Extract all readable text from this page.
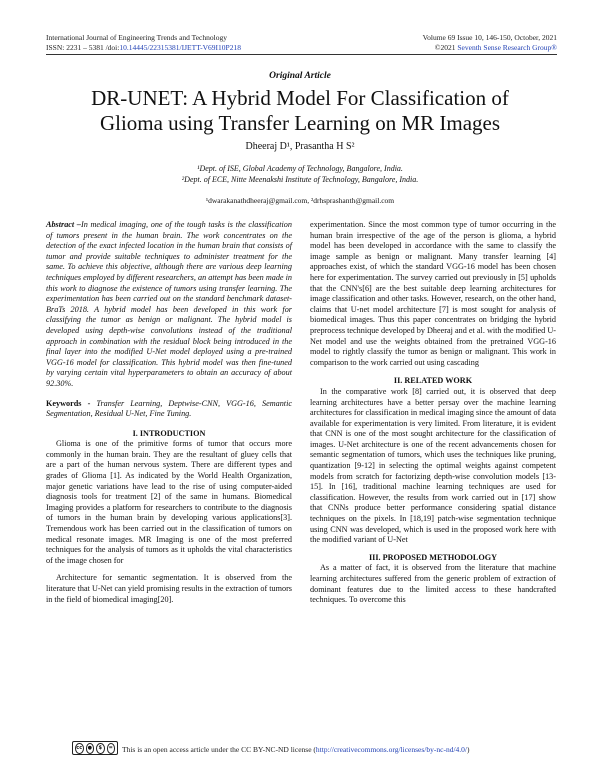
International Journal of Engineering Trends and Technology
ISSN: 2231 – 5381 /doi:10.14445/22315381/IJETT-V69I10P218
Volume 69 Issue 10, 146-150, October, 2021
©2021 Seventh Sense Research Group®
Original Article
DR-UNET: A Hybrid Model For Classification of Glioma using Transfer Learning on MR Images
Dheeraj D¹, Prasantha H S²
¹Dept. of ISE, Global Academy of Technology, Bangalore, India.
²Dept. of ECE, Nitte Meenakshi Institute of Technology, Bangalore, India.
¹dwarakanathdheeraj@gmail.com, ²drhsprashanth@gmail.com

Abstract –In medical imaging, one of the tough tasks is the classification of tumors present in the human brain. The work concentrates on the detection of the exact infected location in the human brain that consists of tumor and provide suitable techniques to administer treatment for the same. To achieve this objective, although there are various deep learning techniques employed by different researchers, an attempt has been made in this work to diagnose the existence of tumors using transfer learning. The experimentation has been carried out on the standard benchmark dataset-BraTs 2018. A hybrid model has been developed in this work for classifying the tumor as benign or malignant. The hybrid model is developed using depth-wise convolutions instead of the traditional approach in combination with the residual block being introduced in the final layer into the modified U-Net model deployed using a pre-trained VGG-16 model for classification. This hybrid model was then fine-tuned by varying certain vital hyperparameters to obtain an accuracy of about 92.30%.

Keywords - Transfer Learning, Deptwise-CNN, VGG-16, Semantic Segmentation, Residual U-Net, Fine Tuning.

I. INTRODUCTION

Glioma is one of the primitive forms of tumor that occurs more commonly in the human brain. They are the resultant of gluey cells that are a part of the human nervous system. There are different types and grades of Glioma [1]. As indicated by the World Health Organization, major genetic variations have lead to the rise of using computer-aided diagnosis tools for treatment [2] of the same in humans. Biomedical Imaging provides a platform for researchers to contribute to the diagnosis of tumors in the human brain by developing various applications[3]. Tremendous work has been carried out in the classification of tumors on medical resonate images. MR Imaging is one of the most preferred techniques for the analysis of tumors as it upholds the vital characteristics of the image chosen for

Architecture for semantic segmentation. It is observed from the literature that U-Net can yield promising results in the extraction of tumors in the field of biomedical imaging[20].

experimentation. Since the most common type of tumor occurring in the human brain irrespective of the age of the person is glioma, a hybrid model has been developed in accordance with the same to classify the image sample as benign or malignant. Many transfer learning [4] approaches exist, of which the standard VGG-16 model has been chosen here for experimentation. The survey carried out previously in [5] upholds that the CNN's[6] are the best suitable deep learning architectures for image classification and other tasks. However, research, on the other hand, claims that U-net model architecture [7] is most sought for analysis of biomedical images. Thus this paper concentrates on bridging the hybrid preprocess technique developed by Dheeraj and et al. with the modified U-Net model and use the weights obtained from the pretrained VGG-16 model to rightly classify the tumor as benign or malignant. This work in comparison to the work carried out using cascading

II. RELATED WORK

In the comparative work [8] carried out, it is observed that deep learning architectures have a better persay over the machine learning architectures for classification in medical imaging since the amount of data available for experimentation is very limited. From literature, it is evident that CNN is one of the most sought architecture for the classification of images. U-Net architecture is one of the recent advancements chosen for semantic segmentation of tumors, which uses the techniques like pruning, quantization [9-12] in selecting the optimal weights against competent models from scratch for factorizing depth-wise convolution models [13-15]. In [16], traditional machine learning techniques are used for classification. However, the results from work carried out in [17] show that CNNs produce better performance considering spatial distance techniques on the pixels. In [18,19] patch-wise segmentation technique using CNN was developed, which is used in the proposed work here with the modified variant of U-Net

III. PROPOSED METHODOLOGY

As a matter of fact, it is observed from the literature that machine learning architectures suffered from the generic problem of extraction of dominant features due to the limited access to these handcrafted techniques. To overcome this

cc	●	$	= This is an open access article under the CC BY-NC-ND license (http://creativecommons.org/licenses/by-nc-nd/4.0/)
